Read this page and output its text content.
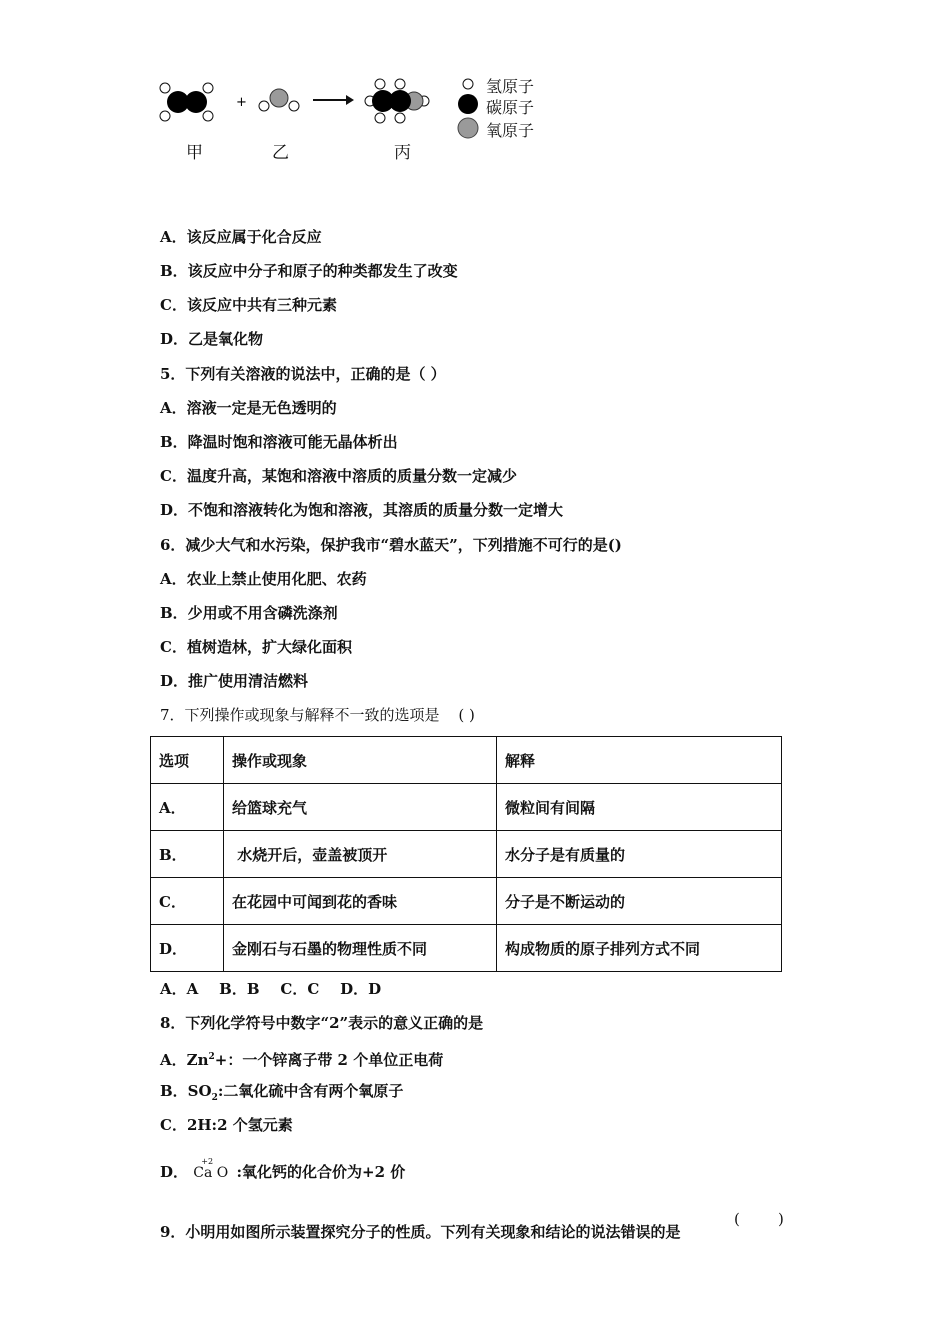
+
甲	乙	丙
氢原子
碳原子
氧原子
A．该反应属于化合反应
B．该反应中分子和原子的种类都发生了改变
C．该反应中共有三种元素
D．乙是氧化物
5．下列有关溶液的说法中，正确的是（ ）
A．溶液一定是无色透明的
B．降温时饱和溶液可能无晶体析出
C．温度升高，某饱和溶液中溶质的质量分数一定减少
D．不饱和溶液转化为饱和溶液，其溶质的质量分数一定增大
6．减少大气和水污染，保护我市“碧水蓝天”，下列措施不可行的是()
A．农业上禁止使用化肥、农药
B．少用或不用含磷洗涤剂
C．植树造林，扩大绿化面积
D．推广使用清洁燃料
7．下列操作或现象与解释不一致的选项是 ( )
选项	操作或现象	解释
A．	给篮球充气	微粒间有间隔
B．	水烧开后，壶盖被顶开	水分子是有质量的
C．	在花园中可闻到花的香味	分子是不断运动的
D．	金刚石与石墨的物理性质不同	构成物质的原子排列方式不同
A．A    B．B    C．C    D．D
8．下列化学符号中数字“2”表示的意义正确的是
A．$Zn^2+$：一个锌离子带 2 个单位正电荷
B．$SO_2$:二氧化硫中含有两个氧原子
C．2H:2 个氢元素
D．
+2
Ca O :氧化钙的化合价为+2 价
9．小明用如图所示装置探究分子的性质。下列有关现象和结论的说法错误的是
(        )
